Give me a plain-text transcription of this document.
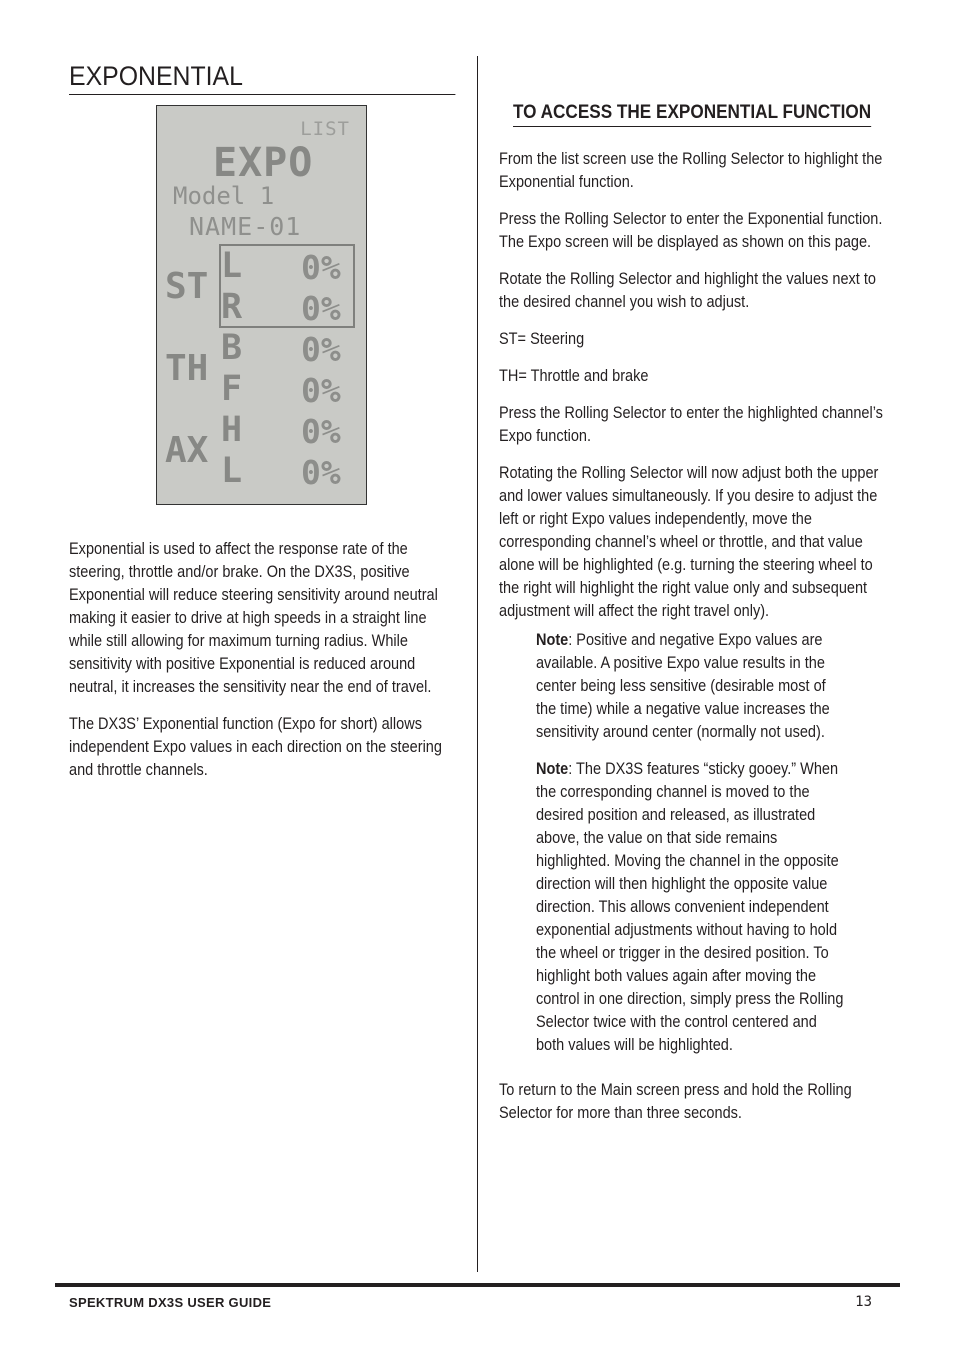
EXPONENTIAL
LIST
EXPO
Model 1
NAME-01
ST L 0%
R 0%
TH B 0%
F 0%
AX H 0%
L 0%

Exponential is used to affect the response rate of the steering, throttle and/or brake. On the DX3S, positive Exponential will reduce steering sensitivity around neutral making it easier to drive at high speeds in a straight line while still allowing for maximum turning radius. While sensitivity with positive Exponential is reduced around neutral, it increases the sensitivity near the end of travel.

The DX3S’ Exponential function (Expo for short) allows independent Expo values in each direction on the steering and throttle channels.

TO ACCESS THE EXPONENTIAL FUNCTION

From the list screen use the Rolling Selector to highlight the Exponential function.

Press the Rolling Selector to enter the Exponential function. The Expo screen will be displayed as shown on this page.

Rotate the Rolling Selector and highlight the values next to the desired channel you wish to adjust.

ST= Steering

TH= Throttle and brake

Press the Rolling Selector to enter the highlighted channel’s Expo function.

Rotating the Rolling Selector will now adjust both the upper and lower values simultaneously. If you desire to adjust the left or right Expo values independently, move the corresponding channel’s wheel or throttle, and that value alone will be highlighted (e.g. turning the steering wheel to the right will highlight the right value only and subsequent adjustment will affect the right travel only).

Note: Positive and negative Expo values are available. A positive Expo value results in the center being less sensitive (desirable most of the time) while a negative value increases the sensitivity around center (normally not used).

Note: The DX3S features “sticky gooey.” When the corresponding channel is moved to the desired position and released, as illustrated above, the value on that side remains highlighted. Moving the channel in the opposite direction will then highlight the opposite value direction. This allows convenient independent exponential adjustments without having to hold the wheel or trigger in the desired position. To highlight both values again after moving the control in one direction, simply press the Rolling Selector twice with the control centered and both values will be highlighted.

To return to the Main screen press and hold the Rolling Selector for more than three seconds.

SPEKTRUM DX3S USER GUIDE	13
